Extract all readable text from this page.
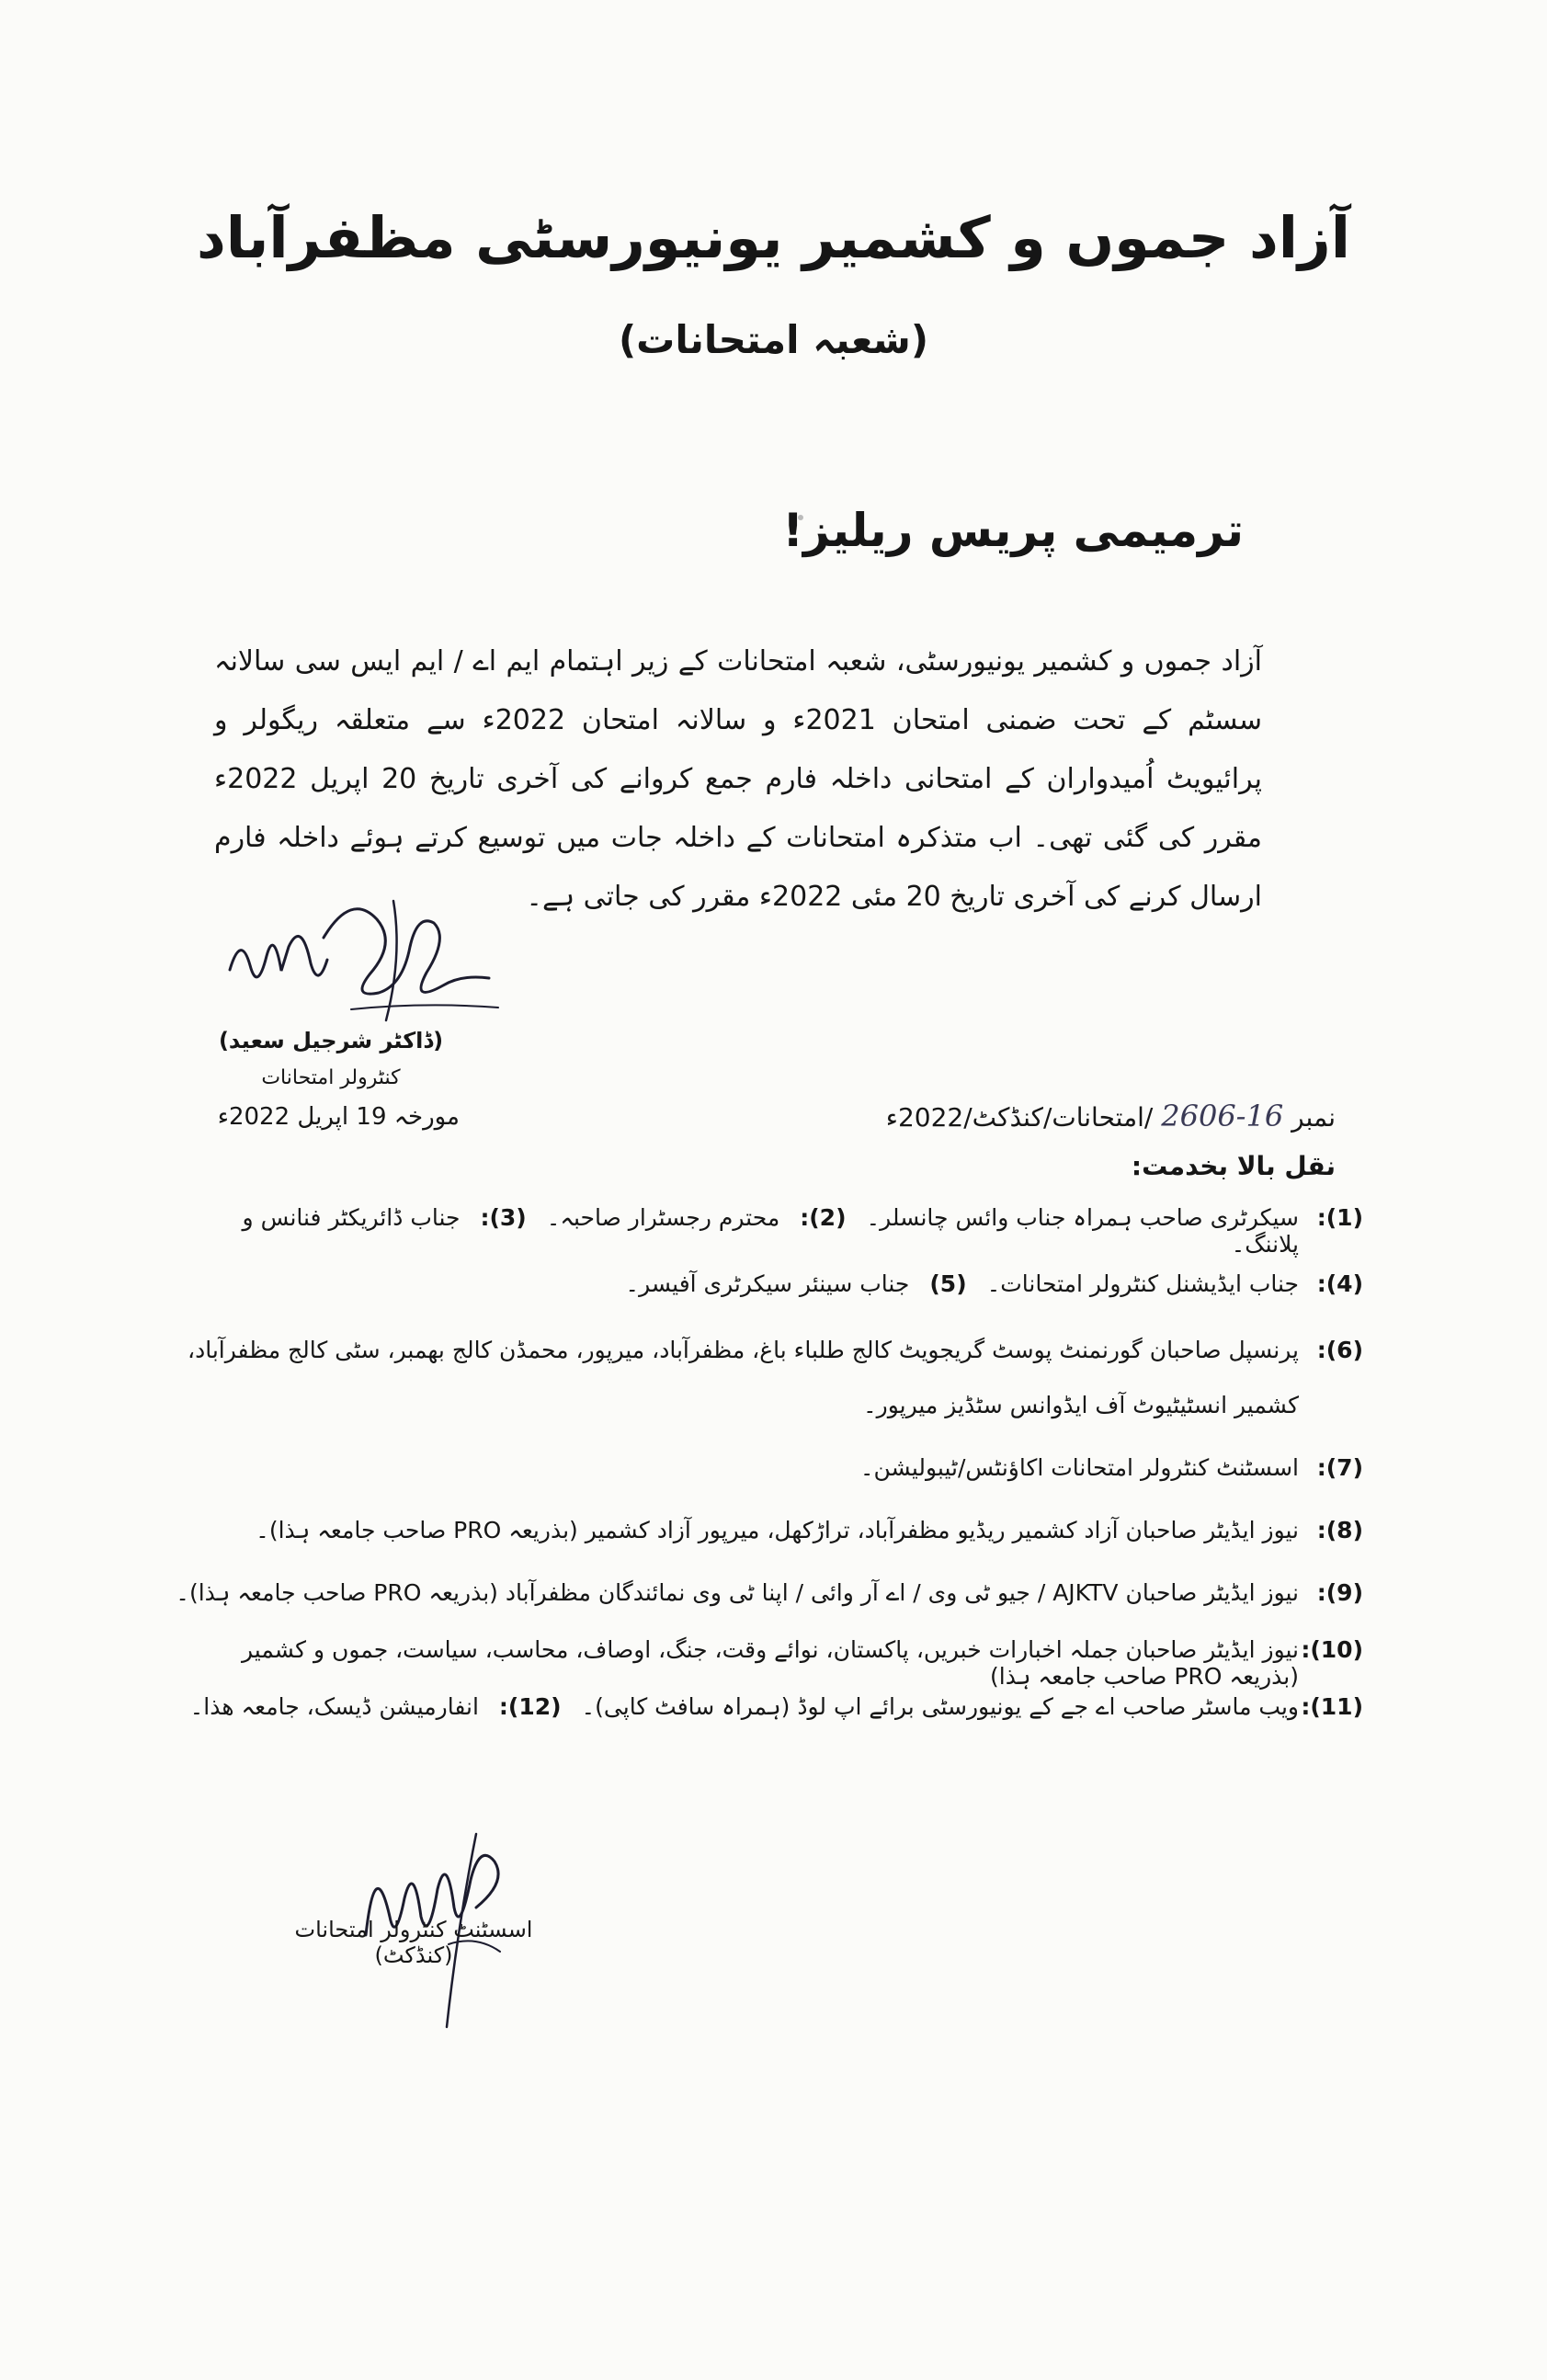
آزاد جموں و کشمیر یونیورسٹی مظفرآباد
(شعبہ امتحانات)
ترمیمی پریس ریلیز!
آزاد جموں و کشمیر یونیورسٹی، شعبہ امتحانات کے زیر اہتمام ایم اے / ایم ایس سی سالانہ سسٹم کے تحت ضمنی امتحان 2021ء و سالانہ امتحان 2022ء سے متعلقہ ریگولر و پرائیویٹ اُمیدواران کے امتحانی داخلہ فارم جمع کروانے کی آخری تاریخ 20 اپریل 2022ء مقرر کی گئی تھی۔ اب متذکرہ امتحانات کے داخلہ جات میں توسیع کرتے ہوئے داخلہ فارم ارسال کرنے کی آخری تاریخ 20 مئی 2022ء مقرر کی جاتی ہے۔
(ڈاکٹر شرجیل سعید)
کنٹرولر امتحانات
مورخہ 19 اپریل 2022ء	نمبر 16-2606 /امتحانات/کنڈکٹ/2022ء
نقل بالا بخدمت:
(1):
سیکرٹری صاحب ہمراہ جناب وائس چانسلر۔ (2): محترم رجسٹرار صاحبہ۔ (3): جناب ڈائریکٹر فنانس و پلاننگ۔
(4):
جناب ایڈیشنل کنٹرولر امتحانات۔ (5) جناب سینئر سیکرٹری آفیسر۔
(6):
پرنسپل صاحبان گورنمنٹ پوسٹ گریجویٹ کالج طلباء باغ، مظفرآباد، میرپور، محمڈن کالج بھمبر، سٹی کالج مظفرآباد،
کشمیر انسٹیٹیوٹ آف ایڈوانس سٹڈیز میرپور۔
(7):
اسسٹنٹ کنٹرولر امتحانات اکاؤنٹس/ٹیبولیشن۔
(8):
نیوز ایڈیٹر صاحبان آزاد کشمیر ریڈیو مظفرآباد، تراڑکھل، میرپور آزاد کشمیر (بذریعہ PRO صاحب جامعہ ہذا)۔
(9):
نیوز ایڈیٹر صاحبان AJKTV / جیو ٹی وی / اے آر وائی / اپنا ٹی وی نمائندگان مظفرآباد (بذریعہ PRO صاحب جامعہ ہذا)۔
(10):
نیوز ایڈیٹر صاحبان جملہ اخبارات خبریں، پاکستان، نوائے وقت، جنگ، اوصاف، محاسب، سیاست، جموں و کشمیر (بذریعہ PRO صاحب جامعہ ہذا)
(11):
ویب ماسٹر صاحب اے جے کے یونیورسٹی برائے اپ لوڈ (ہمراہ سافٹ کاپی)۔ (12): انفارمیشن ڈیسک، جامعہ ھذا۔
اسسٹنٹ کنٹرولر امتحانات (کنڈکٹ)
